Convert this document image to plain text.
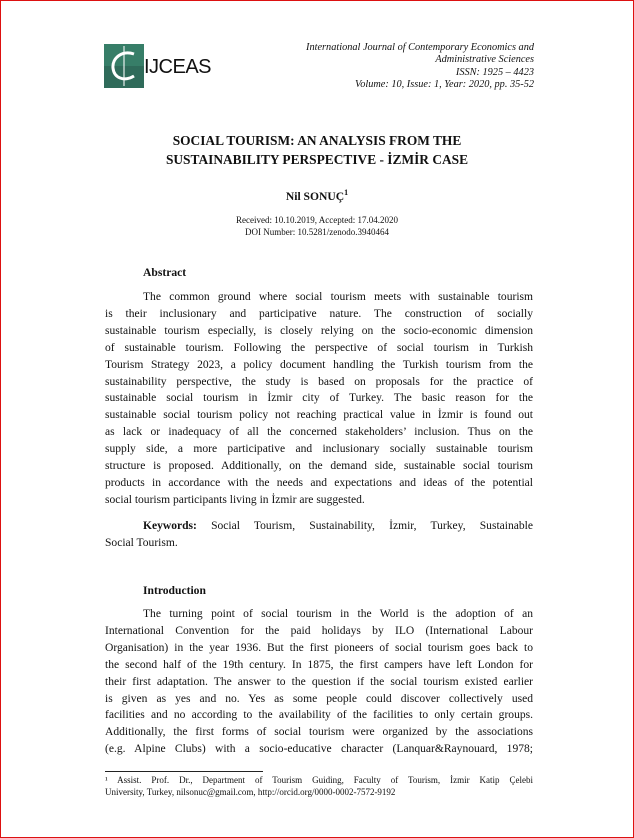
IJCEAS
International Journal of Contemporary Economics and
Administrative Sciences
ISSN: 1925 – 4423
Volume: 10, Issue: 1, Year: 2020, pp. 35-52
SOCIAL TOURISM: AN ANALYSIS FROM THE
SUSTAINABILITY PERSPECTIVE - İZMİR CASE
Nil SONUÇ$^1$
Received: 10.10.2019, Accepted: 17.04.2020
DOI Number: 10.5281/zenodo.3940464
Abstract
The common ground where social tourism meets with sustainable tourism
is their inclusionary and participative nature. The construction of socially
sustainable tourism especially, is closely relying on the socio-economic dimension
of sustainable tourism. Following the perspective of social tourism in Turkish
Tourism Strategy 2023, a policy document handling the Turkish tourism from the
sustainability perspective, the study is based on proposals for the practice of
sustainable social tourism in İzmir city of Turkey. The basic reason for the
sustainable social tourism policy not reaching practical value in İzmir is found out
as lack or inadequacy of all the concerned stakeholders’ inclusion. Thus on the
supply side, a more participative and inclusionary socially sustainable tourism
structure is proposed. Additionally, on the demand side, sustainable social tourism
products in accordance with the needs and expectations and ideas of the potential
social tourism participants living in İzmir are suggested.
Keywords: Social Tourism, Sustainability, İzmir, Turkey, Sustainable
Social Tourism.
Introduction
The turning point of social tourism in the World is the adoption of an
International Convention for the paid holidays by ILO (International Labour
Organisation) in the year 1936. But the first pioneers of social tourism goes back to
the second half of the 19th century. In 1875, the first campers have left London for
their first adaptation. The answer to the question if the social tourism existed earlier
is given as yes and no. Yes as some people could discover collectively used
facilities and no according to the availability of the facilities to only certain groups.
Additionally, the first forms of social tourism were organized by the associations
(e.g. Alpine Clubs) with a socio-educative character (Lanquar&Raynouard, 1978;
¹ Assist. Prof. Dr., Department of Tourism Guiding, Faculty of Tourism, İzmir Katip Çelebi
University, Turkey, nilsonuc@gmail.com, http://orcid.org/0000-0002-7572-9192
